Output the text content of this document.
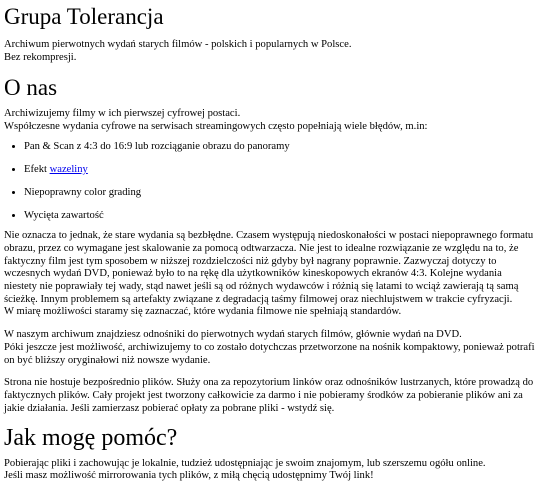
Grupa Tolerancja

Archiwum pierwotnych wydań starych filmów - polskich i popularnych w Polsce.
Bez rekompresji.

O nas

Archiwizujemy filmy w ich pierwszej cyfrowej postaci.
Współczesne wydania cyfrowe na serwisach streamingowych często popełniają wiele błędów, m.in:

• Pan & Scan z 4:3 do 16:9 lub rozciąganie obrazu do panoramy
• Efekt wazeliny
• Niepoprawny color grading
• Wycięta zawartość

Nie oznacza to jednak, że stare wydania są bezbłędne. Czasem występują niedoskonałości w postaci niepoprawnego formatu obrazu, przez co wymagane jest skalowanie za pomocą odtwarzacza. Nie jest to idealne rozwiązanie ze względu na to, że faktyczny film jest tym sposobem w niższej rozdzielczości niż gdyby był nagrany poprawnie. Zazwyczaj dotyczy to wczesnych wydań DVD, ponieważ było to na rękę dla użytkowników kineskopowych ekranów 4:3. Kolejne wydania niestety nie poprawiały tej wady, stąd nawet jeśli są od różnych wydawców i różnią się latami to wciąż zawierają tą samą ścieżkę. Innym problemem są artefakty związane z degradacją taśmy filmowej oraz niechlujstwem w trakcie cyfryzacji.
W miarę możliwości staramy się zaznaczać, które wydania filmowe nie spełniają standardów.

W naszym archiwum znajdziesz odnośniki do pierwotnych wydań starych filmów, głównie wydań na DVD.
Póki jeszcze jest możliwość, archiwizujemy to co zostało dotychczas przetworzone na nośnik kompaktowy, ponieważ potrafi on być bliższy oryginałowi niż nowsze wydanie.

Strona nie hostuje bezpośrednio plików. Służy ona za repozytorium linków oraz odnośników lustrzanych, które prowadzą do faktycznych plików. Cały projekt jest tworzony całkowicie za darmo i nie pobieramy środków za pobieranie plików ani za jakie działania. Jeśli zamierzasz pobierać opłaty za pobrane pliki - wstydź się.

Jak mogę pomóc?

Pobierając pliki i zachowując je lokalnie, tudzież udostępniając je swoim znajomym, lub szerszemu ogółu online.
Jeśli masz możliwość mirrorowania tych plików, z miłą chęcią udostępnimy Twój link!
